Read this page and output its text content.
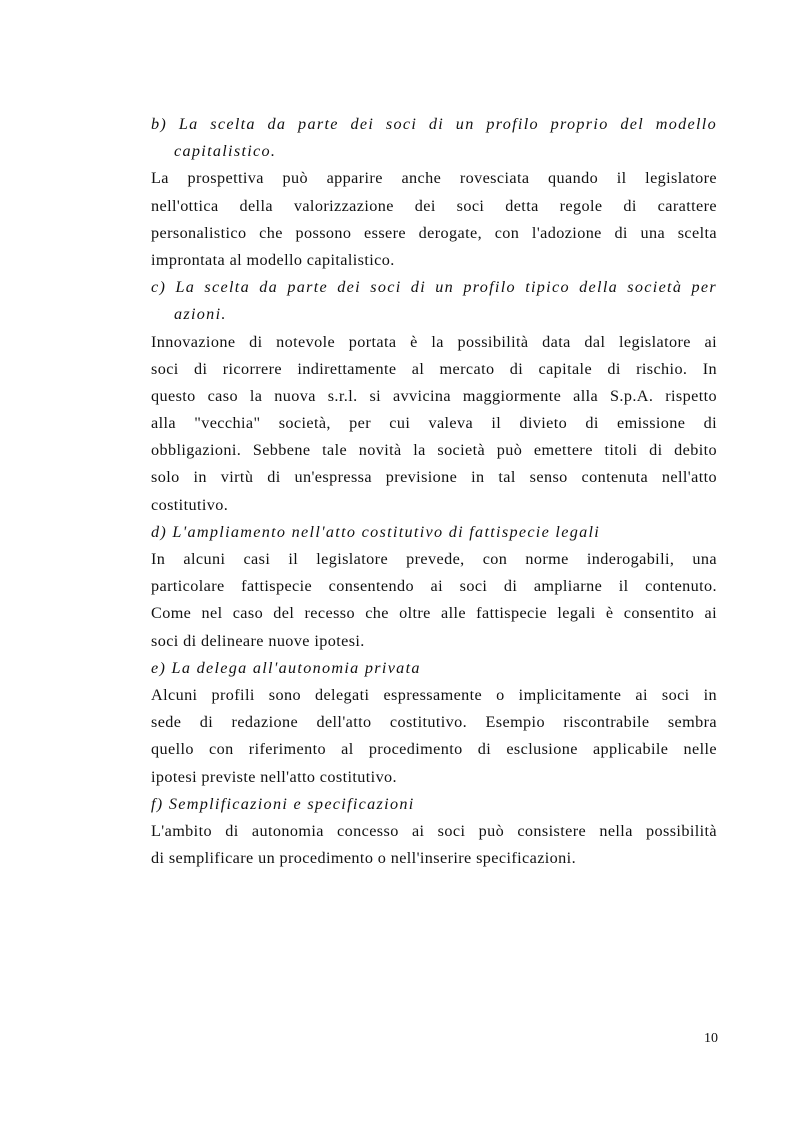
b) La scelta da parte dei soci di un profilo proprio del modello
capitalistico.
La prospettiva può apparire anche rovesciata quando il legislatore
nell'ottica della valorizzazione dei soci detta regole di carattere
personalistico che possono essere derogate, con l'adozione di una scelta
improntata al modello capitalistico.
c) La scelta da parte dei soci di un profilo tipico della società per
azioni.
Innovazione di notevole portata è la possibilità data dal legislatore ai
soci di ricorrere indirettamente al mercato di capitale di rischio. In
questo caso la nuova s.r.l. si avvicina maggiormente alla S.p.A. rispetto
alla "vecchia" società, per cui valeva il divieto di emissione di
obbligazioni. Sebbene tale novità la società può emettere titoli di debito
solo in virtù di un'espressa previsione in tal senso contenuta nell'atto
costitutivo.
d) L'ampliamento nell'atto costitutivo di fattispecie legali
In alcuni casi il legislatore prevede, con norme inderogabili, una
particolare fattispecie consentendo ai soci di ampliarne il contenuto.
Come nel caso del recesso che oltre alle fattispecie legali è consentito ai
soci di delineare nuove ipotesi.
e) La delega all'autonomia privata
Alcuni profili sono delegati espressamente o implicitamente ai soci in
sede di redazione dell'atto costitutivo. Esempio riscontrabile sembra
quello con riferimento al procedimento di esclusione applicabile nelle
ipotesi previste nell'atto costitutivo.
f) Semplificazioni e specificazioni
L'ambito di autonomia concesso ai soci può consistere nella possibilità
di semplificare un procedimento o nell'inserire specificazioni.
10
